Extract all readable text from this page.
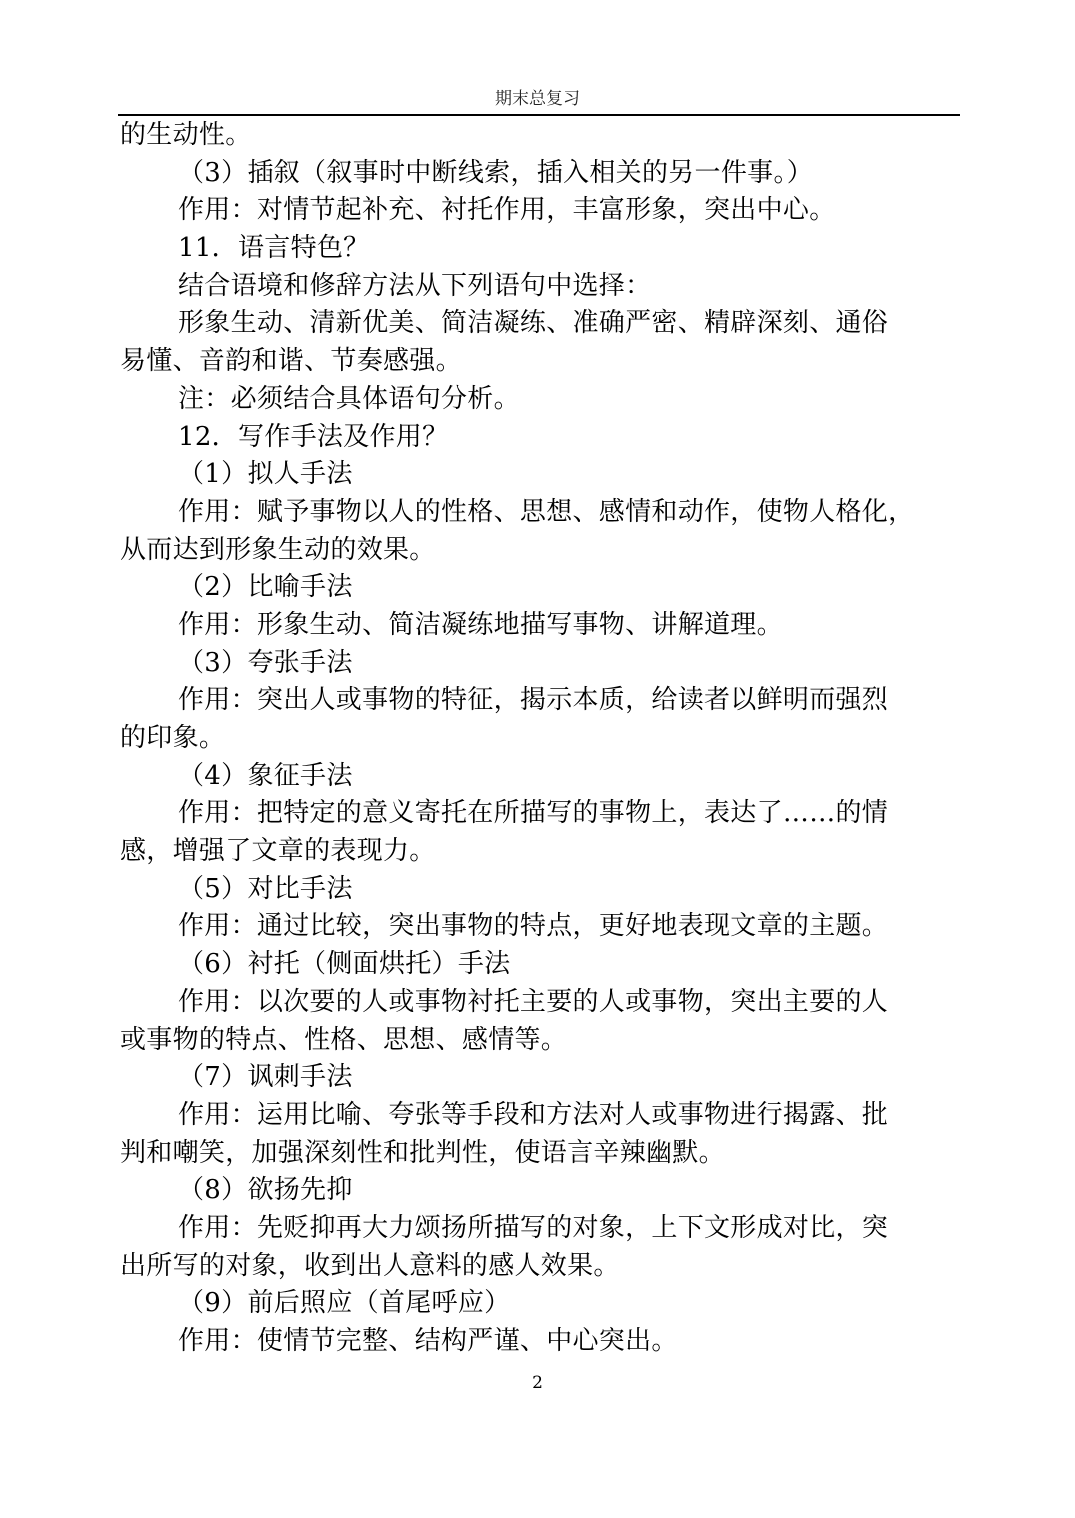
期末总复习
的生动性。
（3）插叙（叙事时中断线索，插入相关的另一件事。）
作用：对情节起补充、衬托作用，丰富形象，突出中心。
11．语言特色？
结合语境和修辞方法从下列语句中选择：
形象生动、清新优美、简洁凝练、准确严密、精辟深刻、通俗
易懂、音韵和谐、节奏感强。
注：必须结合具体语句分析。
12．写作手法及作用？
（1）拟人手法
作用：赋予事物以人的性格、思想、感情和动作，使物人格化，
从而达到形象生动的效果。
（2）比喻手法
作用：形象生动、简洁凝练地描写事物、讲解道理。
（3）夸张手法
作用：突出人或事物的特征，揭示本质，给读者以鲜明而强烈
的印象。
（4）象征手法
作用：把特定的意义寄托在所描写的事物上，表达了……的情
感，增强了文章的表现力。
（5）对比手法
作用：通过比较，突出事物的特点，更好地表现文章的主题。
（6）衬托（侧面烘托）手法
作用：以次要的人或事物衬托主要的人或事物，突出主要的人
或事物的特点、性格、思想、感情等。
（7）讽刺手法
作用：运用比喻、夸张等手段和方法对人或事物进行揭露、批
判和嘲笑，加强深刻性和批判性，使语言辛辣幽默。
（8）欲扬先抑
作用：先贬抑再大力颂扬所描写的对象，上下文形成对比，突
出所写的对象，收到出人意料的感人效果。
（9）前后照应（首尾呼应）
作用：使情节完整、结构严谨、中心突出。
2
